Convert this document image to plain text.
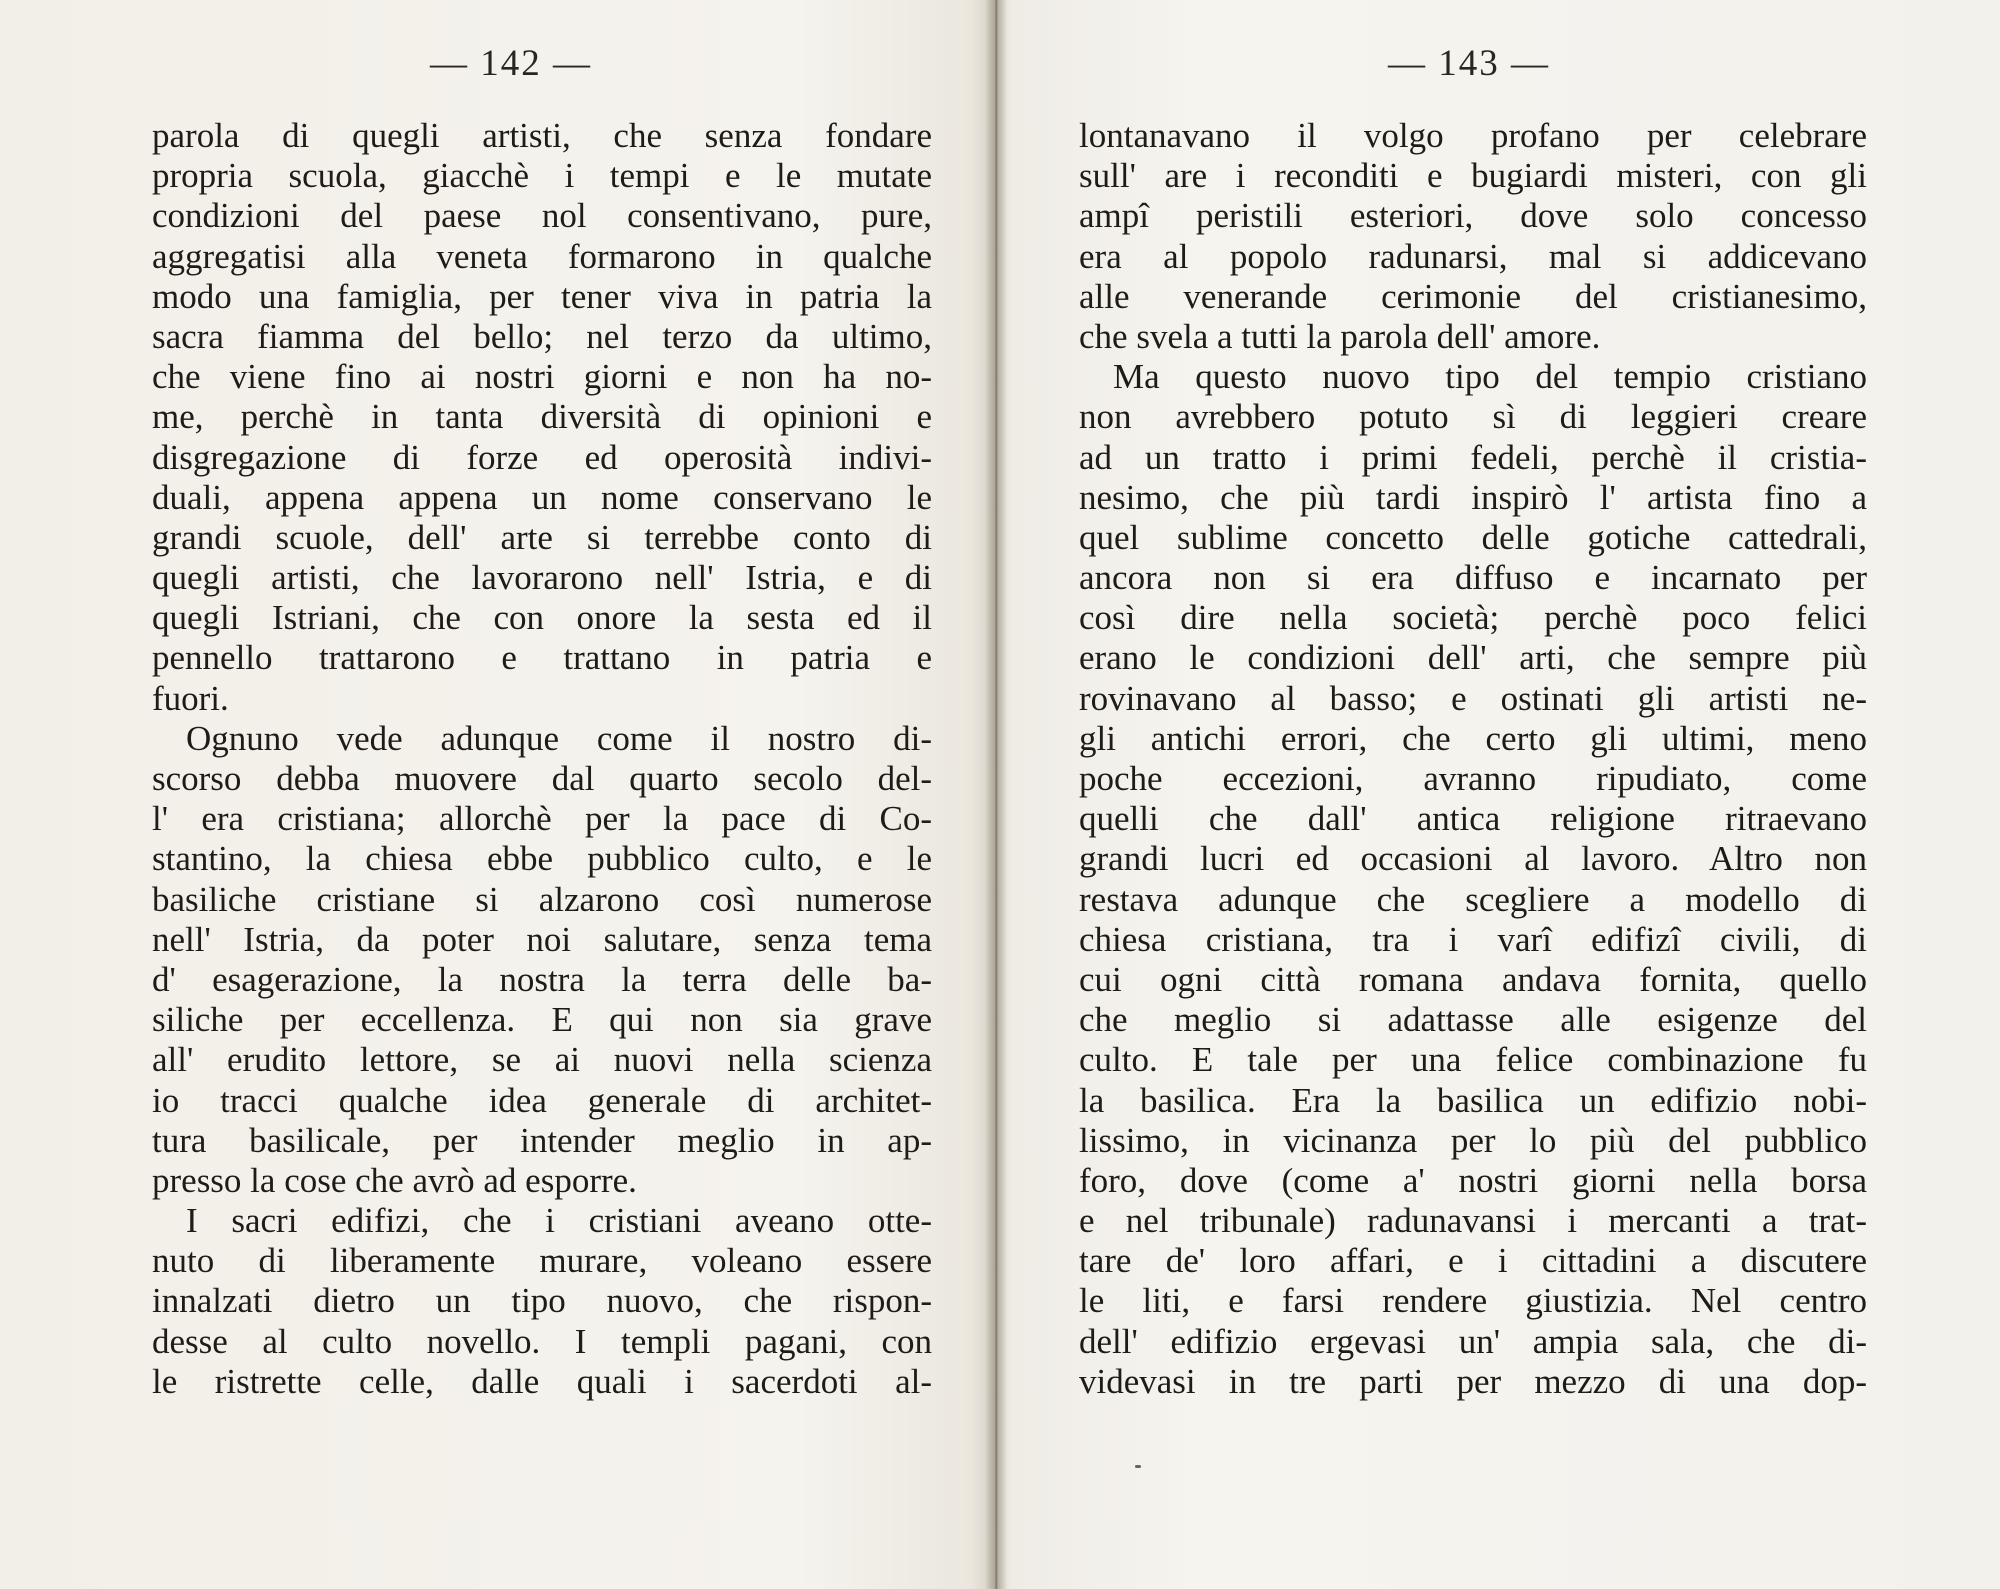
— 142 —
parola di quegli artisti, che senza fondare
propria scuola, giacchè i tempi e le mutate
condizioni del paese nol consentivano, pure,
aggregatisi alla veneta formarono in qualche
modo una famiglia, per tener viva in patria la
sacra fiamma del bello; nel terzo da ultimo,
che viene fino ai nostri giorni e non ha no-
me, perchè in tanta diversità di opinioni e
disgregazione di forze ed operosità indivi-
duali, appena appena un nome conservano le
grandi scuole, dell' arte si terrebbe conto di
quegli artisti, che lavorarono nell' Istria, e di
quegli Istriani, che con onore la sesta ed il
pennello trattarono e trattano in patria e
fuori.
Ognuno vede adunque come il nostro di-
scorso debba muovere dal quarto secolo del-
l' era cristiana; allorchè per la pace di Co-
stantino, la chiesa ebbe pubblico culto, e le
basiliche cristiane si alzarono così numerose
nell' Istria, da poter noi salutare, senza tema
d' esagerazione, la nostra la terra delle ba-
siliche per eccellenza. E qui non sia grave
all' erudito lettore, se ai nuovi nella scienza
io tracci qualche idea generale di architet-
tura basilicale, per intender meglio in ap-
presso la cose che avrò ad esporre.
I sacri edifizi, che i cristiani aveano otte-
nuto di liberamente murare, voleano essere
innalzati dietro un tipo nuovo, che rispon-
desse al culto novello. I templi pagani, con
le ristrette celle, dalle quali i sacerdoti al-
— 143 —
lontanavano il volgo profano per celebrare
sull' are i reconditi e bugiardi misteri, con gli
ampî peristili esteriori, dove solo concesso
era al popolo radunarsi, mal si addicevano
alle venerande cerimonie del cristianesimo,
che svela a tutti la parola dell' amore.
Ma questo nuovo tipo del tempio cristiano
non avrebbero potuto sì di leggieri creare
ad un tratto i primi fedeli, perchè il cristia-
nesimo, che più tardi inspirò l' artista fino a
quel sublime concetto delle gotiche cattedrali,
ancora non si era diffuso e incarnato per
così dire nella società; perchè poco felici
erano le condizioni dell' arti, che sempre più
rovinavano al basso; e ostinati gli artisti ne-
gli antichi errori, che certo gli ultimi, meno
poche eccezioni, avranno ripudiato, come
quelli che dall' antica religione ritraevano
grandi lucri ed occasioni al lavoro. Altro non
restava adunque che scegliere a modello di
chiesa cristiana, tra i varî edifizî civili, di
cui ogni città romana andava fornita, quello
che meglio si adattasse alle esigenze del
culto. E tale per una felice combinazione fu
la basilica. Era la basilica un edifizio nobi-
lissimo, in vicinanza per lo più del pubblico
foro, dove (come a' nostri giorni nella borsa
e nel tribunale) radunavansi i mercanti a trat-
tare de' loro affari, e i cittadini a discutere
le liti, e farsi rendere giustizia. Nel centro
dell' edifizio ergevasi un' ampia sala, che di-
videvasi in tre parti per mezzo di una dop-
